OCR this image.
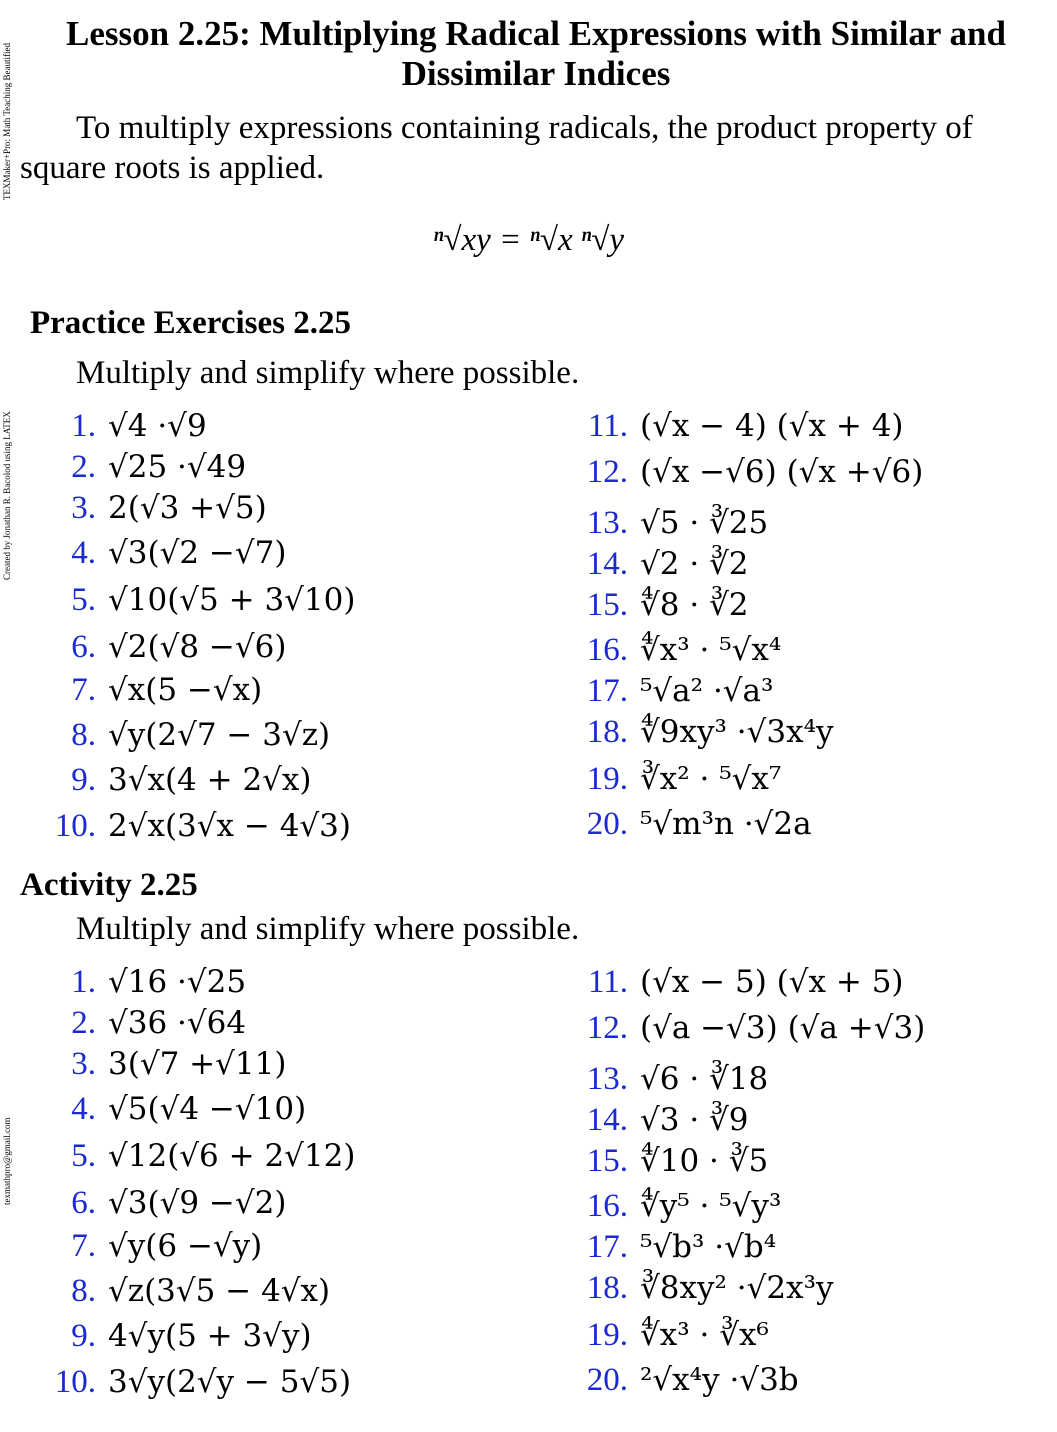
TEXMaker+Pro: Math Teaching Beautified
Created by Jonathan R. Bacolod using LATEX
texmathpro@gmail.com
Lesson 2.25: Multiplying Radical Expressions with Similar and Dissimilar Indices
To multiply expressions containing radicals, the product property of square roots is applied.
ⁿ√xy = ⁿ√x ⁿ√y
Practice Exercises 2.25
Multiply and simplify where possible.
1. √4 ·√9
2. √25 ·√49
3. 2(√3 +√5)
4. √3(√2 −√7)
5. √10(√5 + 3√10)
6. √2(√8 −√6)
7. √x(5 −√x)
8. √y(2√7 − 3√z)
9. 3√x(4 + 2√x)
10. 2√x(3√x − 4√3)
11. (√x − 4) (√x + 4)
12. (√x −√6) (√x +√6)
13. √5 · ∛25
14. √2 · ∛2
15. ∜8 · ∛2
16. ∜x³ · ⁵√x⁴
17. ⁵√a² ·√a³
18. ∜9xy³ ·√3x⁴y
19. ∛x² · ⁵√x⁷
20. ⁵√m³n ·√2a
Activity 2.25
Multiply and simplify where possible.
1. √16 ·√25
2. √36 ·√64
3. 3(√7 +√11)
4. √5(√4 −√10)
5. √12(√6 + 2√12)
6. √3(√9 −√2)
7. √y(6 −√y)
8. √z(3√5 − 4√x)
9. 4√y(5 + 3√y)
10. 3√y(2√y − 5√5)
11. (√x − 5) (√x + 5)
12. (√a −√3) (√a +√3)
13. √6 · ∛18
14. √3 · ∛9
15. ∜10 · ∛5
16. ∜y⁵ · ⁵√y³
17. ⁵√b³ ·√b⁴
18. ∛8xy² ·√2x³y
19. ∜x³ · ∛x⁶
20. ²√x⁴y ·√3b
